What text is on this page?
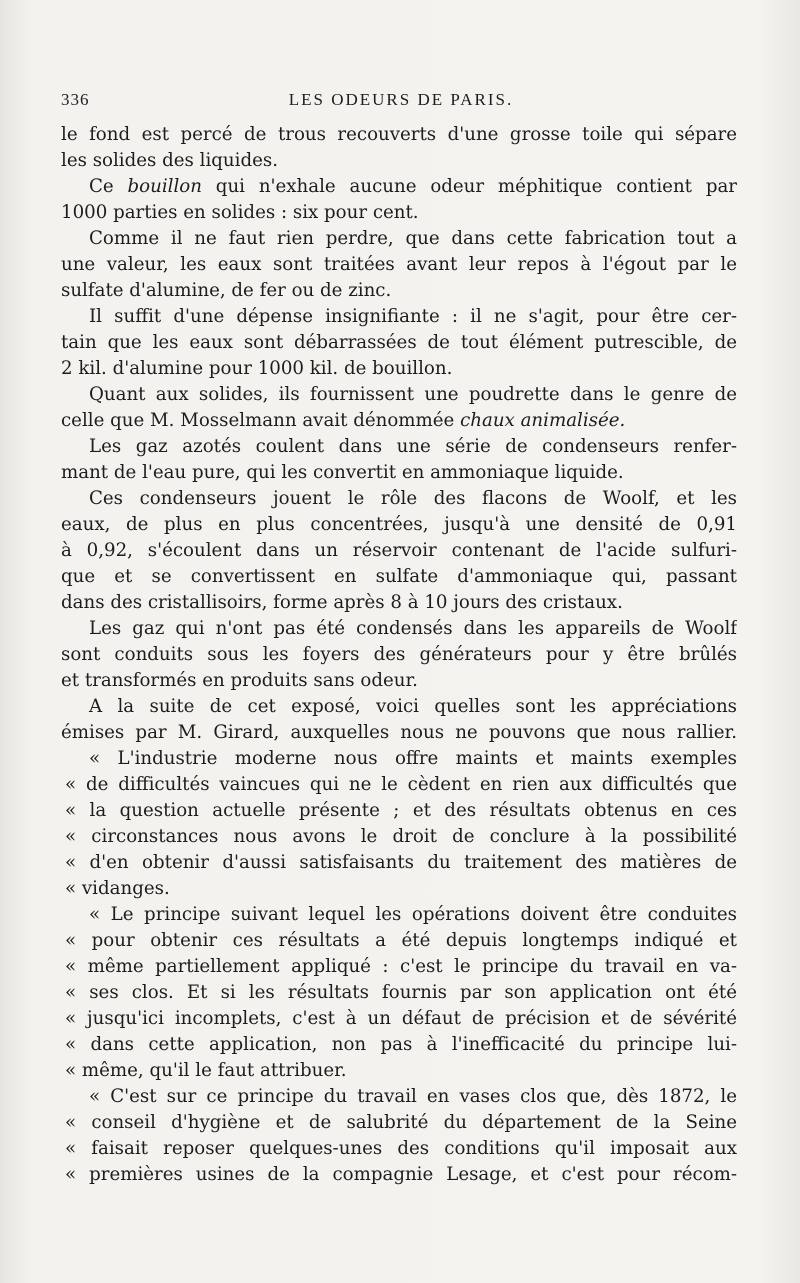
336	LES ODEURS DE PARIS.
le fond est percé de trous recouverts d'une grosse toile qui sépare
les solides des liquides.
Ce bouillon qui n'exhale aucune odeur méphitique contient par
1000 parties en solides : six pour cent.
Comme il ne faut rien perdre, que dans cette fabrication tout a
une valeur, les eaux sont traitées avant leur repos à l'égout par le
sulfate d'alumine, de fer ou de zinc.
Il suffit d'une dépense insignifiante : il ne s'agit, pour être cer-
tain que les eaux sont débarrassées de tout élément putrescible, de
2 kil. d'alumine pour 1000 kil. de bouillon.
Quant aux solides, ils fournissent une poudrette dans le genre de
celle que M. Mosselmann avait dénommée chaux animalisée.
Les gaz azotés coulent dans une série de condenseurs renfer-
mant de l'eau pure, qui les convertit en ammoniaque liquide.
Ces condenseurs jouent le rôle des flacons de Woolf, et les
eaux, de plus en plus concentrées, jusqu'à une densité de 0,91
à 0,92, s'écoulent dans un réservoir contenant de l'acide sulfuri-
que et se convertissent en sulfate d'ammoniaque qui, passant
dans des cristallisoirs, forme après 8 à 10 jours des cristaux.
Les gaz qui n'ont pas été condensés dans les appareils de Woolf
sont conduits sous les foyers des générateurs pour y être brûlés
et transformés en produits sans odeur.
A la suite de cet exposé, voici quelles sont les appréciations
émises par M. Girard, auxquelles nous ne pouvons que nous rallier.
« L'industrie moderne nous offre maints et maints exemples
« de difficultés vaincues qui ne le cèdent en rien aux difficultés que
« la question actuelle présente ; et des résultats obtenus en ces
« circonstances nous avons le droit de conclure à la possibilité
« d'en obtenir d'aussi satisfaisants du traitement des matières de
« vidanges.
« Le principe suivant lequel les opérations doivent être conduites
« pour obtenir ces résultats a été depuis longtemps indiqué et
« même partiellement appliqué : c'est le principe du travail en va-
« ses clos. Et si les résultats fournis par son application ont été
« jusqu'ici incomplets, c'est à un défaut de précision et de sévérité
« dans cette application, non pas à l'inefficacité du principe lui-
« même, qu'il le faut attribuer.
« C'est sur ce principe du travail en vases clos que, dès 1872, le
« conseil d'hygiène et de salubrité du département de la Seine
« faisait reposer quelques-unes des conditions qu'il imposait aux
« premières usines de la compagnie Lesage, et c'est pour récom-
